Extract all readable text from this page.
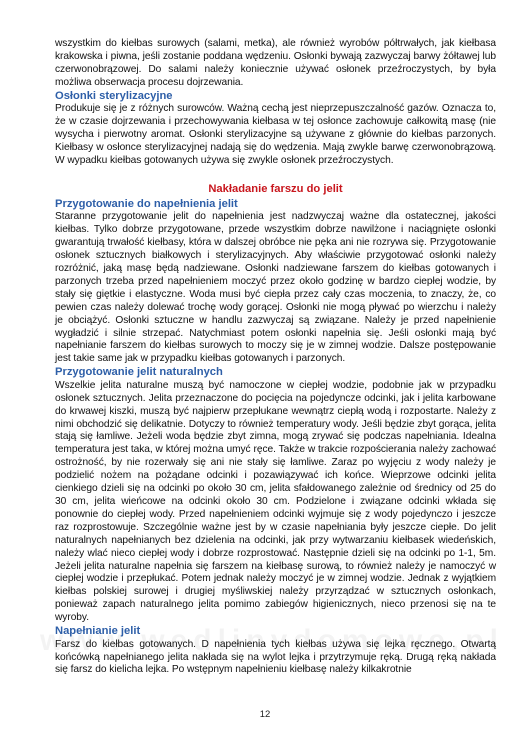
wszystkim do kiełbas surowych (salami, metka), ale również wyrobów półtrwałych, jak kiełbasa krakowska i piwna, jeśli zostanie poddana wędzeniu. Osłonki bywają zazwyczaj barwy żółtawej lub czerwonobrązowej. Do salami należy koniecznie używać osłonek przeźroczystych, by była możliwa obserwacja procesu dojrzewania.

Osłonki sterylizacyjne

Produkuje się je z różnych surowców. Ważną cechą jest nieprzepuszczalność gazów. Oznacza to, że w czasie dojrzewania i przechowywania kiełbasa w tej osłonce zachowuje całkowitą masę (nie wysycha i pierwotny aromat. Osłonki sterylizacyjne są używane z głównie do kiełbas parzonych. Kiełbasy w osłonce sterylizacyjnej nadają się do wędzenia. Mają zwykle barwę czerwonobrązową. W wypadku kiełbas gotowanych używa się zwykle osłonek przeźroczystych.

Nakładanie farszu do jelit
Przygotowanie do napełnienia jelit

Staranne przygotowanie jelit do napełnienia jest nadzwyczaj ważne dla ostatecznej, jakości kiełbas. Tylko dobrze przygotowane, przede wszystkim dobrze nawilżone i naciągnięte osłonki gwarantują trwałość kiełbasy, która w dalszej obróbce nie pęka ani nie rozrywa się. Przygotowanie osłonek sztucznych białkowych i sterylizacyjnych. Aby właściwie przygotować osłonki należy rozróżnić, jaką masę będą nadziewane. Osłonki nadziewane farszem do kiełbas gotowanych i parzonych trzeba przed napełnieniem moczyć przez około godzinę w bardzo ciepłej wodzie, by stały się giętkie i elastyczne. Woda musi być ciepła przez cały czas moczenia, to znaczy, że, co pewien czas należy dolewać trochę wody gorącej. Osłonki nie mogą pływać po wierzchu i należy je obciążyć. Osłonki sztuczne w handlu zazwyczaj są związane. Należy je przed napełnienie wygładzić i silnie strzepać. Natychmiast potem osłonki napełnia się. Jeśli osłonki mają być napełnianie farszem do kiełbas surowych to moczy się je w zimnej wodzie. Dalsze postępowanie jest takie same jak w przypadku kiełbas gotowanych i parzonych.

Przygotowanie jelit naturalnych

Wszelkie jelita naturalne muszą być namoczone w ciepłej wodzie, podobnie jak w przypadku osłonek sztucznych. Jelita przeznaczone do pocięcia na pojedyncze odcinki, jak i jelita karbowane do krwawej kiszki, muszą być najpierw przepłukane wewnątrz ciepłą wodą i rozpostarte. Należy z nimi obchodzić się delikatnie. Dotyczy to również temperatury wody. Jeśli będzie zbyt gorąca, jelita stają się łamliwe. Jeżeli woda będzie zbyt zimna, mogą zrywać się podczas napełniania. Idealna temperatura jest taka, w której można umyć ręce. Także w trakcie rozpościerania należy zachować ostrożność, by nie rozerwały się ani nie stały się łamliwe. Zaraz po wyjęciu z wody należy je podzielić nożem na pożądane odcinki i pozawiązywać ich końce. Wieprzowe odcinki jelita cienkiego dzieli się na odcinki po około 30 cm, jelita sfałdowanego zależnie od średnicy od 25 do 30 cm, jelita wieńcowe na odcinki około 30 cm. Podzielone i związane odcinki wkłada się ponownie do ciepłej wody. Przed napełnieniem odcinki wyjmuje się z wody pojedynczo i jeszcze raz rozprostowuje. Szczególnie ważne jest by w czasie napełniania były jeszcze ciepłe. Do jelit naturalnych napełnianych bez dzielenia na odcinki, jak przy wytwarzaniu kiełbasek wiedeńskich, należy wlać nieco ciepłej wody i dobrze rozprostować. Następnie dzieli się na odcinki po 1-1, 5m. Jeżeli jelita naturalne napełnia się farszem na kiełbasę surową, to również należy je namoczyć w ciepłej wodzie i przepłukać. Potem jednak należy moczyć je w zimnej wodzie. Jednak z wyjątkiem kiełbas polskiej surowej i drugiej myśliwskiej należy przyrządzać w sztucznych osłonkach, ponieważ zapach naturalnego jelita pomimo zabiegów higienicznych, nieco przenosi się na te wyroby.

Napełnianie jelit

Farsz do kiełbas gotowanych. D napełnienia tych kiełbas używa się lejka ręcznego. Otwartą końcówką napełnianego jelita nakłada się na wylot lejka i przytrzymuje ręką. Drugą ręką nakłada się farsz do kielicha lejka. Po wstępnym napełnieniu kiełbasę należy kilkakrotnie

12
